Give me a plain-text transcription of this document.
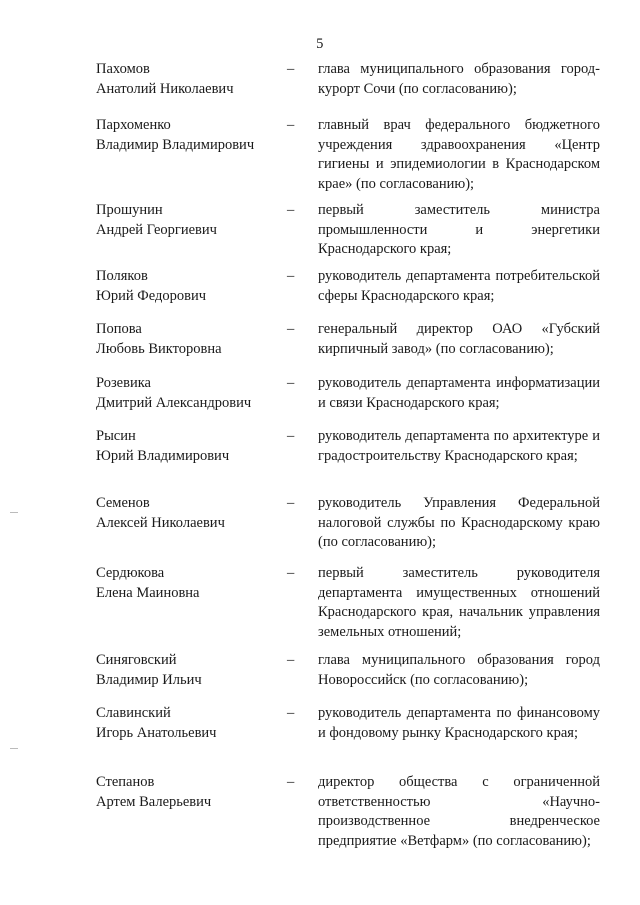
5
Пахомов
Анатолий Николаевич
– глава муниципального образования город-курорт Сочи (по согласованию);
Пархоменко
Владимир Владимирович
– главный врач федерального бюджетного учреждения здравоохранения «Центр гигиены и эпидемиологии в Краснодарском крае» (по согласованию);
Прошунин
Андрей Георгиевич
– первый заместитель министра промышленности и энергетики Краснодарского края;
Поляков
Юрий Федорович
– руководитель департамента потребительской сферы Краснодарского края;
Попова
Любовь Викторовна
– генеральный директор ОАО «Губский кирпичный завод» (по согласованию);
Розевика
Дмитрий Александрович
– руководитель департамента информатизации и связи Краснодарского края;
Рысин
Юрий Владимирович
– руководитель департамента по архитектуре и градостроительству Краснодарского края;
Семенов
Алексей Николаевич
– руководитель Управления Федеральной налоговой службы по Краснодарскому краю (по согласованию);
Сердюкова
Елена Маиновна
– первый заместитель руководителя департамента имущественных отношений Краснодарского края, начальник управления земельных отношений;
Синяговский
Владимир Ильич
– глава муниципального образования город Новороссийск (по согласованию);
Славинский
Игорь Анатольевич
– руководитель департамента по финансовому и фондовому рынку Краснодарского края;
Степанов
Артем Валерьевич
– директор общества с ограниченной ответственностью «Научно-производственное внедренческое предприятие «Ветфарм» (по согласованию);
